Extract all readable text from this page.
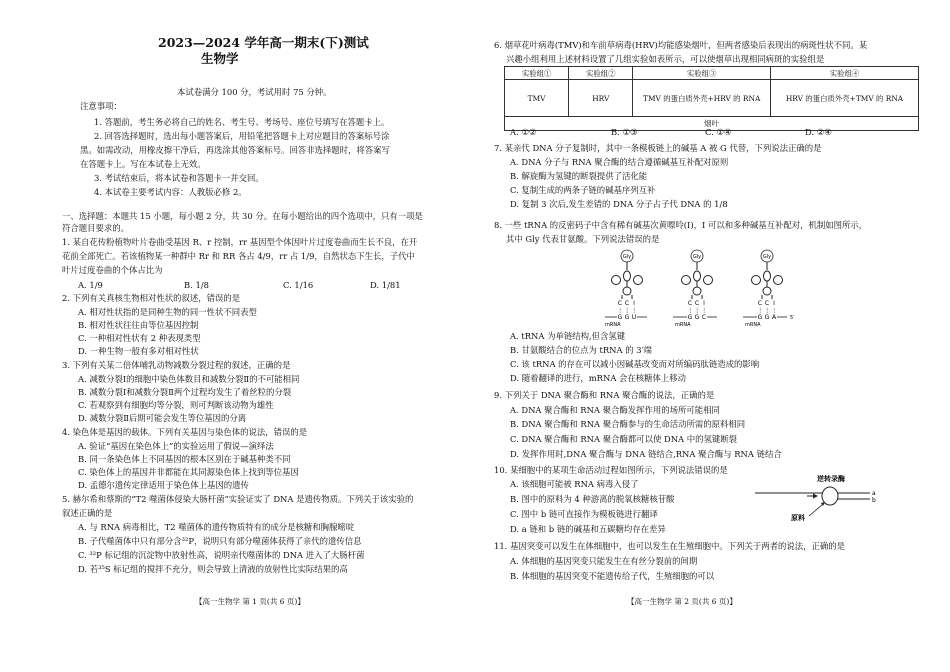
2023—2024 学年高一期末(下)测试
生物学
本试卷满分 100 分，考试用时 75 分钟。
注意事项：
1. 答题前，考生务必将自己的姓名、考生号、考场号、座位号填写在答题卡上。
2. 回答选择题时，选出每小题答案后，用铅笔把答题卡上对应题目的答案标号涂
黑。如需改动，用橡皮擦干净后，再选涂其他答案标号。回答非选择题时，将答案写
在答题卡上。写在本试卷上无效。
3. 考试结束后，将本试卷和答题卡一并交回。
4. 本试卷主要考试内容：人教版必修 2。
一、选择题：本题共 15 小题，每小题 2 分，共 30 分。在每小题给出的四个选项中，只有一项是
符合题目要求的。
1. 某自花传粉植物叶片卷曲受基因 R、r 控制，rr 基因型个体因叶片过度卷曲而生长不良，在开
花前全部死亡。若该植物某一种群中 Rr 和 RR 各占 4/9，rr 占 1/9，自然状态下生长，子代中
叶片过度卷曲的个体占比为
A. 1/9	B. 1/8	C. 1/16	D. 1/81
2. 下列有关真核生物相对性状的叙述，错误的是
A. 相对性状指的是同种生物的同一性状不同表型
B. 相对性状往往由等位基因控制
C. 一种相对性状有 2 种表现类型
D. 一种生物一般有多对相对性状
3. 下列有关某二倍体哺乳动物减数分裂过程的叙述，正确的是
A. 减数分裂Ⅰ的细胞中染色体数目和减数分裂Ⅱ的不可能相同
B. 减数分裂Ⅰ和减数分裂Ⅱ两个过程均发生了着丝粒的分裂
C. 若观察到有细胞均等分裂，则可判断该动物为雄性
D. 减数分裂Ⅱ后期可能会发生等位基因的分离
4. 染色体是基因的载体。下列有关基因与染色体的说法，错误的是
A. 验证“基因在染色体上”的实验运用了假说—演绎法
B. 同一条染色体上不同基因的根本区别在于碱基种类不同
C. 染色体上的基因并非都能在其同源染色体上找到等位基因
D. 孟德尔遗传定律适用于染色体上基因的遗传
5. 赫尔希和蔡斯的“T2 噬菌体侵染大肠杆菌”实验证实了 DNA 是遗传物质。下列关于该实验的
叙述正确的是
A. 与 RNA 病毒相比，T2 噬菌体的遗传物质特有的成分是核糖和胸腺嘧啶
B. 子代噬菌体中只有部分含³²P，说明只有部分噬菌体获得了亲代的遗传信息
C. ³²P 标记组的沉淀物中放射性高，说明亲代噬菌体的 DNA 进入了大肠杆菌
D. 若³⁵S 标记组的搅拌不充分，则会导致上清液的放射性比实际结果的高
【高一生物学 第 1 页(共 6 页)】
6. 烟草花叶病毒(TMV)和车前草病毒(HRV)均能感染烟叶，但两者感染后表现出的病斑性状不同。某
兴趣小组利用上述材料设置了几组实验如表所示，可以使烟草出现相同病斑的实验组是
实验组①	实验组②	实验组③	实验组④
TMV	HRV	TMV 的蛋白质外壳+HRV 的 RNA	HRV 的蛋白质外壳+TMV 的 RNA
烟叶			
A. ①②	B. ①③	C. ①④	D. ②④
7. 某亲代 DNA 分子复制时，其中一条模板链上的碱基 A 被 G 代替，下列说法正确的是
A. DNA 分子与 RNA 聚合酶的结合遵循碱基互补配对原则
B. 解旋酶为氢键的断裂提供了活化能
C. 复制生成的两条子链的碱基序列互补
D. 复制 3 次后,发生差错的 DNA 分子占子代 DNA 的 1/8
8. 一些 tRNA 的反密码子中含有稀有碱基次黄嘌呤(I)，I 可以和多种碱基互补配对，机制如图所示，
其中 Gly 代表甘氨酸。下列说法错误的是
Gly
C C I
┊ ┊ ┊
G G U
mRNA
Gly
C C I
┊ ┊ ┊
G G C
mRNA
Gly
C C I
┊ ┊ ┊
G G A
mRNA
5′
A. tRNA 为单链结构,但含氢键
B. 甘氨酸结合的位点为 tRNA 的 3′端
C. 该 tRNA 的存在可以减小因碱基改变而对所编码肽链造成的影响
D. 随着翻译的进行，mRNA 会在核糖体上移动
9. 下列关于 DNA 聚合酶和 RNA 聚合酶的说法，正确的是
A. DNA 聚合酶和 RNA 聚合酶发挥作用的场所可能相同
B. DNA 聚合酶和 RNA 聚合酶参与的生命活动所需的原料相同
C. DNA 聚合酶和 RNA 聚合酶都可以使 DNA 中的氢键断裂
D. 发挥作用时,DNA 聚合酶与 DNA 链结合,RNA 聚合酶与 RNA 链结合
10. 某细胞中的某项生命活动过程如图所示，下列说法错误的是
A. 该细胞可能被 RNA 病毒入侵了
B. 图中的原料为 4 种游离的脱氧核糖核苷酸
C. 图中 b 链可直接作为模板链进行翻译
D. a 链和 b 链的碱基和五碳糖均存在差异
逆转录酶
a
b
原料
11. 基因突变可以发生在体细胞中，也可以发生在生殖细胞中。下列关于两者的说法，正确的是
A. 体细胞的基因突变只能发生在有丝分裂前的间期
B. 体细胞的基因突变不能遗传给子代，生殖细胞的可以
【高一生物学 第 2 页(共 6 页)】
